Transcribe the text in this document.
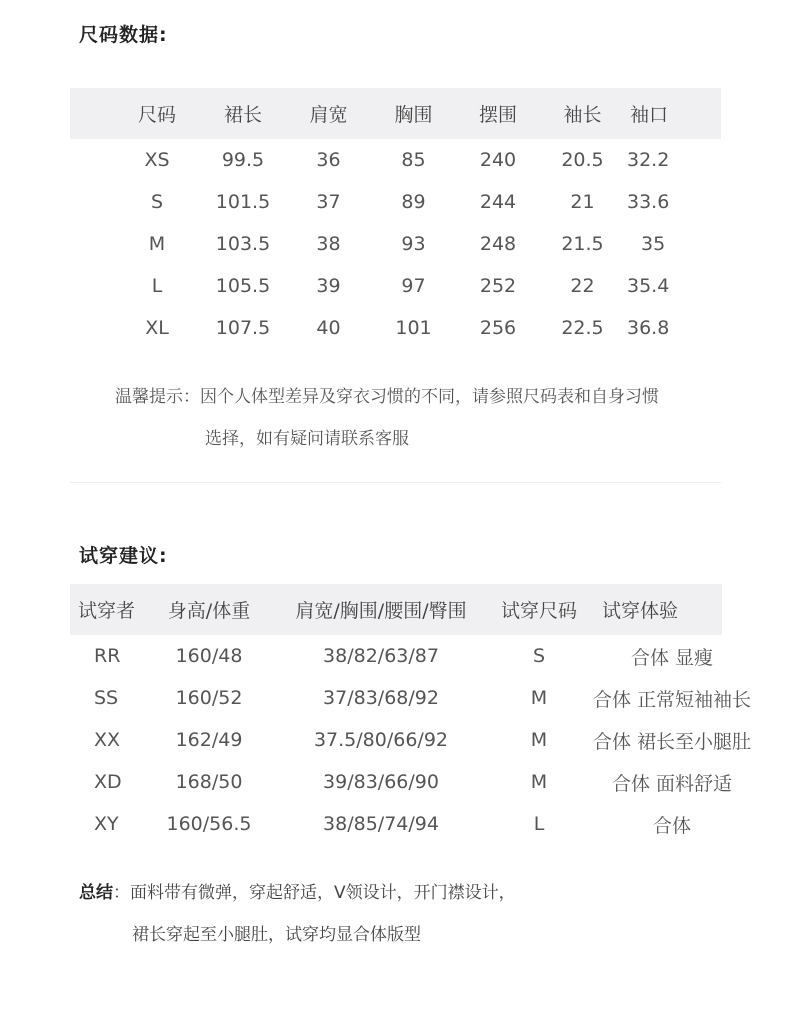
尺码数据:
	尺码	裙长	肩宽	胸围	摆围	袖长	袖口
	XS	99.5	36	85	240	20.5	32.2
	S	101.5	37	89	244	21	33.6
	M	103.5	38	93	248	21.5	35
	L	105.5	39	97	252	22	35.4
	XL	107.5	40	101	256	22.5	36.8
温馨提示：因个人体型差异及穿衣习惯的不同，请参照尺码表和自身习惯
选择，如有疑问请联系客服
试穿建议:
试穿者	身高/体重	肩宽/胸围/腰围/臀围	试穿尺码	试穿体验
RR	160/48	38/82/63/87	S	合体 显瘦
SS	160/52	37/83/68/92	M	合体 正常短袖袖长
XX	162/49	37.5/80/66/92	M	合体 裙长至小腿肚
XD	168/50	39/83/66/90	M	合体 面料舒适
XY	160/56.5	38/85/74/94	L	合体
总结：面料带有微弹，穿起舒适，V领设计，开门襟设计，
裙长穿起至小腿肚，试穿均显合体版型
